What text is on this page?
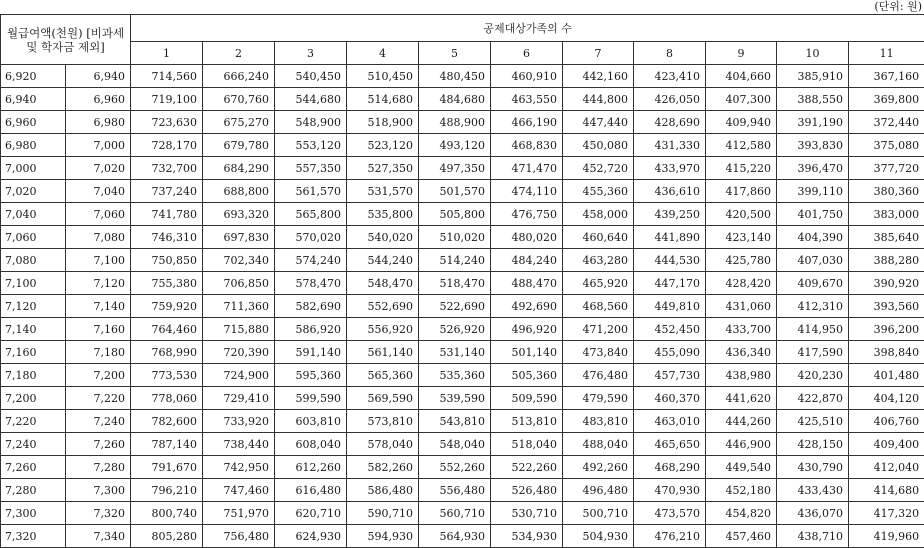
(단위: 원)
월급여액(천원) [비과세 및 학자금 제외]		공제대상가족의 수										
		1	2	3	4	5	6	7	8	9	10	11
6,920	6,940	714,560	666,240	540,450	510,450	480,450	460,910	442,160	423,410	404,660	385,910	367,160
6,940	6,960	719,100	670,760	544,680	514,680	484,680	463,550	444,800	426,050	407,300	388,550	369,800
6,960	6,980	723,630	675,270	548,900	518,900	488,900	466,190	447,440	428,690	409,940	391,190	372,440
6,980	7,000	728,170	679,780	553,120	523,120	493,120	468,830	450,080	431,330	412,580	393,830	375,080
7,000	7,020	732,700	684,290	557,350	527,350	497,350	471,470	452,720	433,970	415,220	396,470	377,720
7,020	7,040	737,240	688,800	561,570	531,570	501,570	474,110	455,360	436,610	417,860	399,110	380,360
7,040	7,060	741,780	693,320	565,800	535,800	505,800	476,750	458,000	439,250	420,500	401,750	383,000
7,060	7,080	746,310	697,830	570,020	540,020	510,020	480,020	460,640	441,890	423,140	404,390	385,640
7,080	7,100	750,850	702,340	574,240	544,240	514,240	484,240	463,280	444,530	425,780	407,030	388,280
7,100	7,120	755,380	706,850	578,470	548,470	518,470	488,470	465,920	447,170	428,420	409,670	390,920
7,120	7,140	759,920	711,360	582,690	552,690	522,690	492,690	468,560	449,810	431,060	412,310	393,560
7,140	7,160	764,460	715,880	586,920	556,920	526,920	496,920	471,200	452,450	433,700	414,950	396,200
7,160	7,180	768,990	720,390	591,140	561,140	531,140	501,140	473,840	455,090	436,340	417,590	398,840
7,180	7,200	773,530	724,900	595,360	565,360	535,360	505,360	476,480	457,730	438,980	420,230	401,480
7,200	7,220	778,060	729,410	599,590	569,590	539,590	509,590	479,590	460,370	441,620	422,870	404,120
7,220	7,240	782,600	733,920	603,810	573,810	543,810	513,810	483,810	463,010	444,260	425,510	406,760
7,240	7,260	787,140	738,440	608,040	578,040	548,040	518,040	488,040	465,650	446,900	428,150	409,400
7,260	7,280	791,670	742,950	612,260	582,260	552,260	522,260	492,260	468,290	449,540	430,790	412,040
7,280	7,300	796,210	747,460	616,480	586,480	556,480	526,480	496,480	470,930	452,180	433,430	414,680
7,300	7,320	800,740	751,970	620,710	590,710	560,710	530,710	500,710	473,570	454,820	436,070	417,320
7,320	7,340	805,280	756,480	624,930	594,930	564,930	534,930	504,930	476,210	457,460	438,710	419,960
